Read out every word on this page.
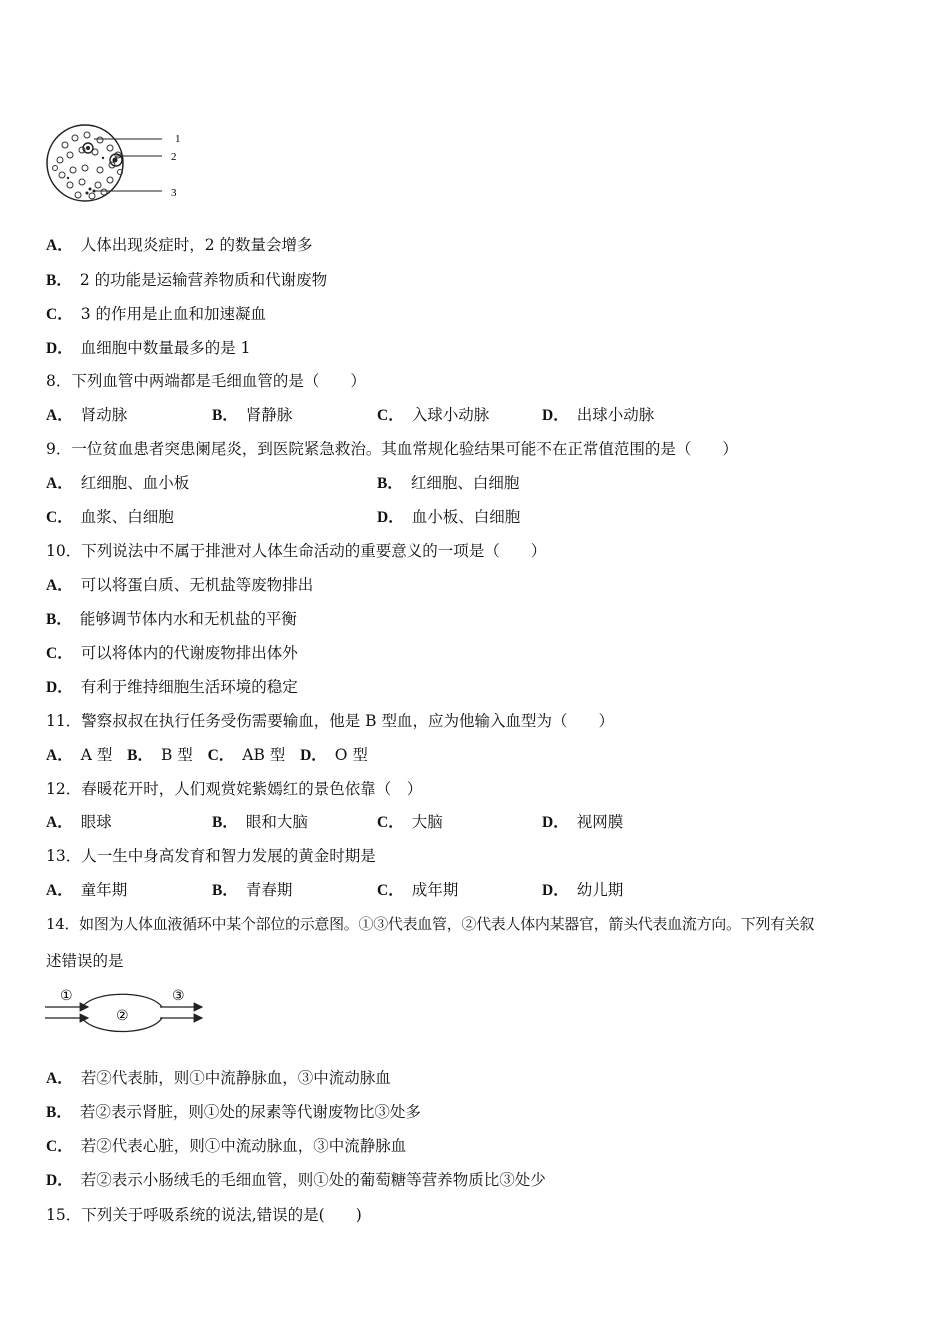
1
2
3
A． 人体出现炎症时，2 的数量会增多
B． 2 的功能是运输营养物质和代谢废物
C． 3 的作用是止血和加速凝血
D． 血细胞中数量最多的是 1
8．下列血管中两端都是毛细血管的是（　　）
A． 肾动脉	B． 肾静脉	C． 入球小动脉	D． 出球小动脉
9．一位贫血患者突患阑尾炎，到医院紧急救治。其血常规化验结果可能不在正常值范围的是（　　）
A． 红细胞、血小板	B． 红细胞、白细胞
C． 血浆、白细胞	D． 血小板、白细胞
10．下列说法中不属于排泄对人体生命活动的重要意义的一项是（　　）
A． 可以将蛋白质、无机盐等废物排出
B． 能够调节体内水和无机盐的平衡
C． 可以将体内的代谢废物排出体外
D． 有利于维持细胞生活环境的稳定
11．警察叔叔在执行任务受伤需要输血，他是 B 型血，应为他输入血型为（　　）
A． A 型 B． B 型 C． AB 型 D． O 型
12．春暖花开时，人们观赏姹紫嫣红的景色依靠（　）
A． 眼球	B． 眼和大脑	C． 大脑	D． 视网膜
13．人一生中身高发育和智力发展的黄金时期是
A． 童年期	B． 青春期	C． 成年期	D． 幼儿期
14．如图为人体血液循环中某个部位的示意图。①③代表血管，②代表人体内某器官，箭头代表血流方向。下列有关叙
述错误的是
①
②
③
A． 若②代表肺，则①中流静脉血，③中流动脉血
B． 若②表示肾脏，则①处的尿素等代谢废物比③处多
C． 若②代表心脏，则①中流动脉血，③中流静脉血
D． 若②表示小肠绒毛的毛细血管，则①处的葡萄糖等营养物质比③处少
15．下列关于呼吸系统的说法,错误的是(　　)
